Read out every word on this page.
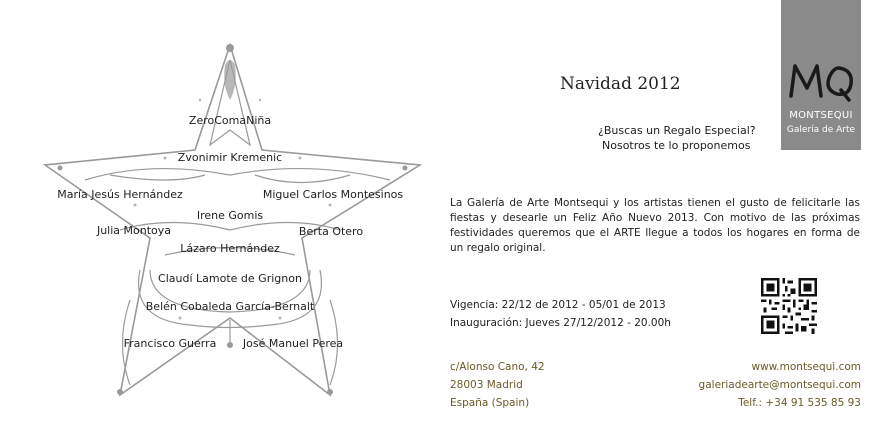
ZeroComaNiña
Zvonimir Kremenic
María Jesús Hernández	Miguel Carlos Montesinos
Irene Gomis
Julia Montoya	Berta Otero
Lázaro Hernández
Claudí Lamote de Grignon
Belén Cobaleda García-Bernalt
Francisco Guerra José Manuel Perea
MONTSEQUI
Galería de Arte
Navidad 2012
¿Buscas un Regalo Especial?
Nosotros te lo proponemos
La Galería de Arte Montsequi y los artistas tienen el gusto de felicitarle las fiestas y desearle un Feliz Año Nuevo 2013. Con motivo de las próximas festividades queremos que el ARTE llegue a todos los hogares en forma de un regalo original.
Vigencia: 22/12 de 2012 - 05/01 de 2013
Inauguración: Jueves 27/12/2012 - 20.00h
c/Alonso Cano, 42
28003 Madrid
España (Spain)
www.montsequi.com
galeriadearte@montsequi.com
Telf.: +34 91 535 85 93
